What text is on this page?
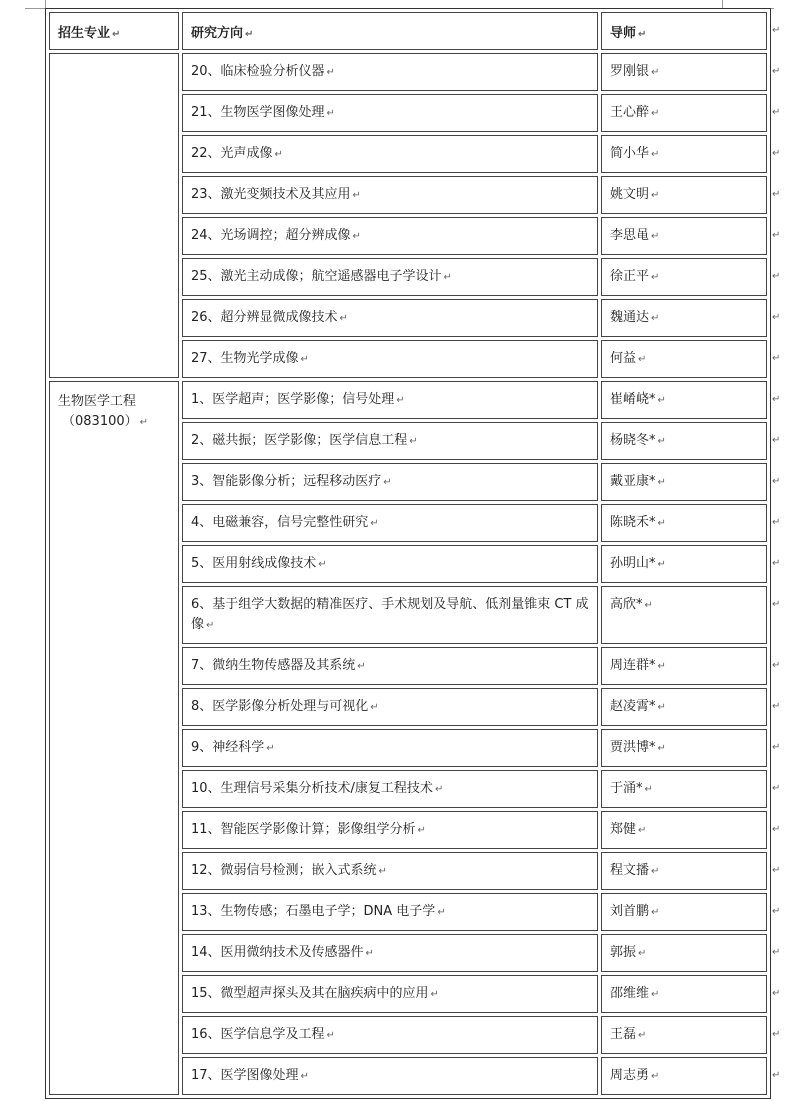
招生专业 ↵	研究方向 ↵	导师 ↵
	20、临床检验分析仪器 ↵	罗刚银 ↵
	21、生物医学图像处理 ↵	王心醉 ↵
	22、光声成像 ↵	简小华 ↵
	23、激光变频技术及其应用 ↵	姚文明 ↵
	24、光场调控；超分辨成像 ↵	李思黾 ↵
	25、激光主动成像；航空遥感器电子学设计 ↵	徐正平 ↵
	26、超分辨显微成像技术 ↵	魏通达 ↵
	27、生物光学成像 ↵	何益 ↵

生物医学工程
（083100） ↵	1、医学超声；医学影像；信号处理 ↵	崔崤峣* ↵
	2、磁共振；医学影像；医学信息工程 ↵	杨晓冬* ↵
	3、智能影像分析；远程移动医疗 ↵	戴亚康* ↵
	4、电磁兼容，信号完整性研究 ↵	陈晓禾* ↵
	5、医用射线成像技术 ↵	孙明山* ↵
	6、基于组学大数据的精准医疗、手术规划及导航、低剂量锥束 CT 成像 ↵	高欣* ↵
	7、微纳生物传感器及其系统 ↵	周连群* ↵
	8、医学影像分析处理与可视化 ↵	赵凌霄* ↵
	9、神经科学 ↵	贾洪博* ↵
	10、生理信号采集分析技术/康复工程技术 ↵	于涌* ↵
	11、智能医学影像计算；影像组学分析 ↵	郑健 ↵
	12、微弱信号检测；嵌入式系统 ↵	程文播 ↵
	13、生物传感；石墨电子学；DNA 电子学 ↵	刘首鹏 ↵
	14、医用微纳技术及传感器件 ↵	郭振 ↵
	15、微型超声探头及其在脑疾病中的应用 ↵	邵维维 ↵
	16、医学信息学及工程 ↵	王磊 ↵
	17、医学图像处理 ↵	周志勇 ↵
↵
↵
↵
↵
↵
↵
↵
↵
↵
↵
↵
↵
↵
↵
↵
↵
↵
↵
↵
↵
↵
↵
↵
↵
↵
↵
